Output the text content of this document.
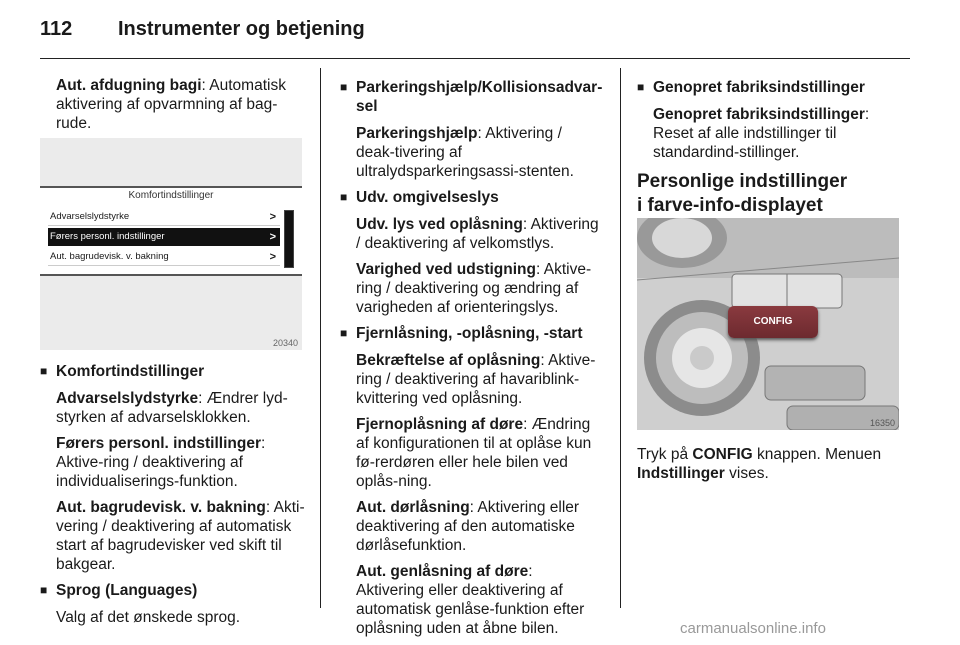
112 Instrumenter og betjening

Aut. afdugning bagi: Automatisk aktivering af opvarmning af bag-rude.

Komfortindstillinger
Advarselslydstyrke	>
Førers personl. indstillinger	>
Aut. bagrudevisk. v. bakning	>
20340
■ Komfortindstillinger

Advarselslydstyrke: Ændrer lyd-styrken af advarselsklokken.

Førers personl. indstillinger: Aktive-ring / deaktivering af individualiserings-funktion.

Aut. bagrudevisk. v. bakning: Akti-vering / deaktivering af automatisk start af bagrudevisker ved skift til bakgear.

■ Sprog (Languages)

Valg af det ønskede sprog.

■ Parkeringshjælp/Kollisionsadvar-sel

Parkeringshjælp: Aktivering / deak-tivering af ultralydsparkeringsassi-stenten.

■ Udv. omgivelseslys

Udv. lys ved oplåsning: Aktivering / deaktivering af velkomstlys.

Varighed ved udstigning: Aktive-ring / deaktivering og ændring af varigheden af orienteringslys.

■ Fjernlåsning, -oplåsning, -start

Bekræftelse af oplåsning: Aktive-ring / deaktivering af havariblink-kvittering ved oplåsning.

Fjernoplåsning af døre: Ændring af konfigurationen til at oplåse kun fø-rerdøren eller hele bilen ved oplås-ning.

Aut. dørlåsning: Aktivering eller deaktivering af den automatiske dørlåsefunktion.

Aut. genlåsning af døre: Aktivering eller deaktivering af automatisk genlåse-funktion efter oplåsning uden at åbne bilen.

■ Genopret fabriksindstillinger

Genopret fabriksindstillinger: Reset af alle indstillinger til standardind-stillinger.

Personlige indstillinger
i farve-info-displayet
16350
CONFIG

Tryk på CONFIG knappen. Menuen Indstillinger vises.

carmanualsonline.info
